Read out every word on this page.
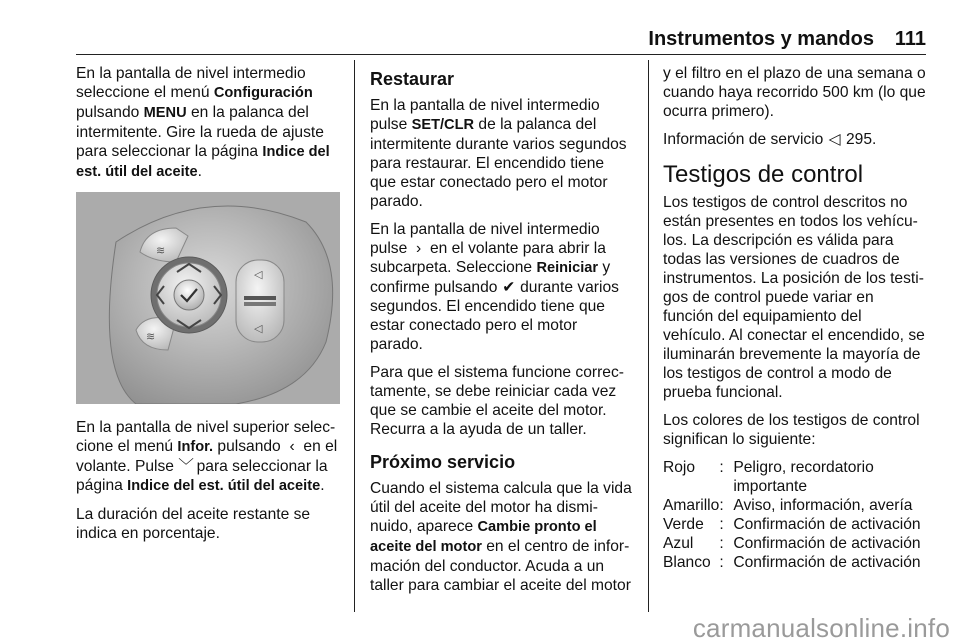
Instrumentos y mandos 111

En la pantalla de nivel intermedio seleccione el menú Configuración pulsando MENU en la palanca del intermitente. Gire la rueda de ajuste para seleccionar la página Indice del est. útil del aceite.

≋
≋
◁
◁

En la pantalla de nivel superior selec‐cione el menú Infor. pulsando ‹ en el volante. Pulse ﹀ para seleccionar la página Indice del est. útil del aceite.

La duración del aceite restante se indica en porcentaje.

Restaurar

En la pantalla de nivel intermedio pulse SET/CLR de la palanca del intermitente durante varios segundos para restaurar. El encendido tiene que estar conectado pero el motor parado.

En la pantalla de nivel intermedio pulse › en el volante para abrir la subcarpeta. Seleccione Reiniciar y confirme pulsando ✔ durante varios segundos. El encendido tiene que estar conectado pero el motor parado.

Para que el sistema funcione correc‐tamente, se debe reiniciar cada vez que se cambie el aceite del motor. Recurra a la ayuda de un taller.

Próximo servicio

Cuando el sistema calcula que la vida útil del aceite del motor ha dismi‐nuido, aparece Cambie pronto el aceite del motor en el centro de infor‐mación del conductor. Acuda a un taller para cambiar el aceite del motor

y el filtro en el plazo de una semana o cuando haya recorrido 500 km (lo que ocurra primero).

Información de servicio ◁ 295.

Testigos de control

Los testigos de control descritos no están presentes en todos los vehícu‐los. La descripción es válida para todas las versiones de cuadros de instrumentos. La posición de los testi‐gos de control puede variar en función del equipamiento del vehículo. Al conectar el encendido, se iluminarán brevemente la mayoría de los testigos de control a modo de prueba funcional.

Los colores de los testigos de control significan lo siguiente:

Rojo	:	Peligro, recordatorio importante
Amarillo	:	Aviso, información, avería
Verde	:	Confirmación de activación
Azul	:	Confirmación de activación
Blanco	:	Confirmación de activación
carmanualsonline.info
